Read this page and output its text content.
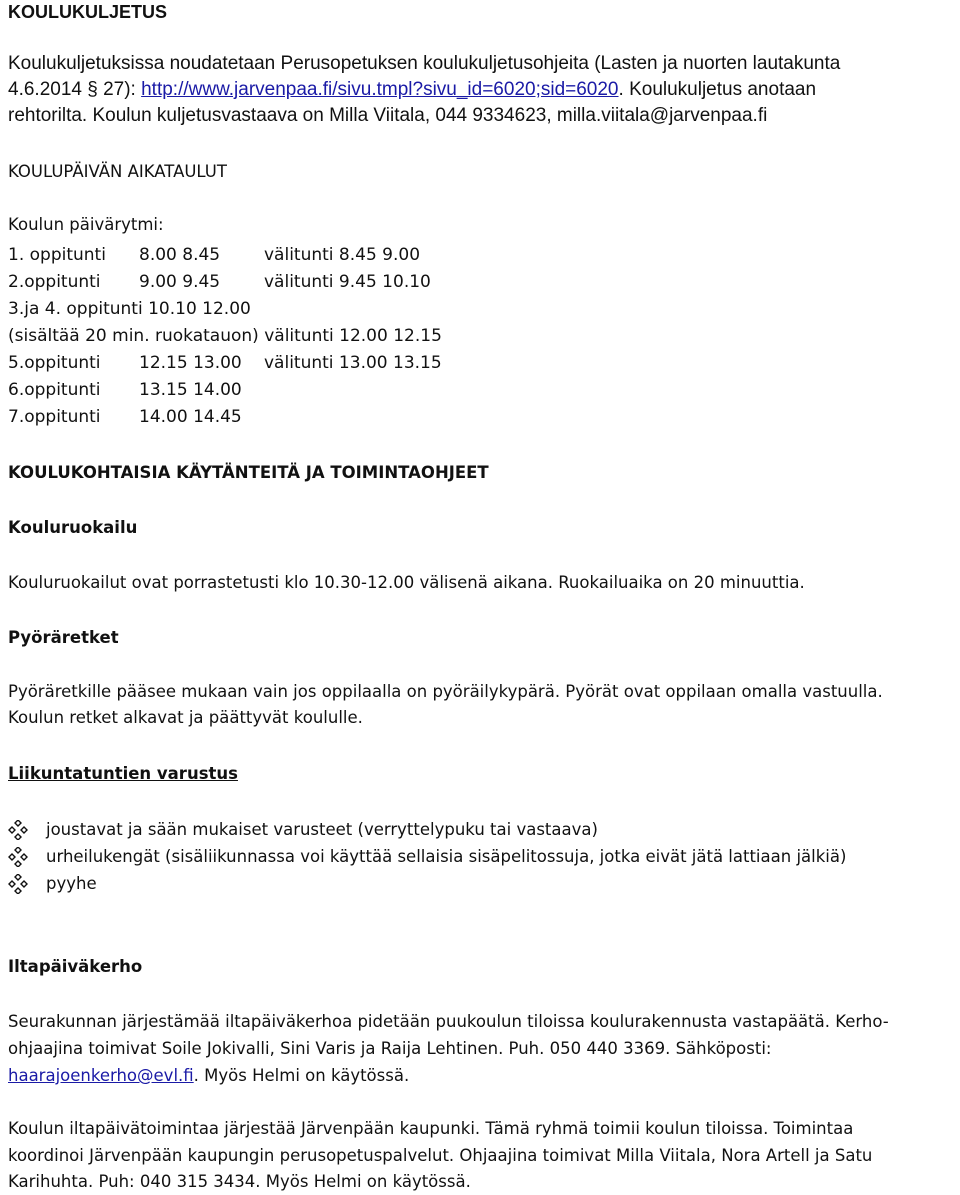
KOULUKULJETUS
Koulukuljetuksissa noudatetaan Perusopetuksen koulukuljetusohjeita (Lasten ja nuorten lautakunta
4.6.2014 § 27): http://www.jarvenpaa.fi/sivu.tmpl?sivu_id=6020;sid=6020. Koulukuljetus anotaan
rehtorilta. Koulun kuljetusvastaava on Milla Viitala, 044 9334623, milla.viitala@jarvenpaa.fi
KOULUPÄIVÄN AIKATAULUT
Koulun päivärytmi:
1. oppitunti 8.00 8.45	välitunti 8.45 9.00
2.oppitunti 9.00 9.45	välitunti 9.45 10.10
3.ja 4. oppitunti 10.10 12.00
(sisältää 20 min. ruokatauon) välitunti 12.00 12.15
5.oppitunti 12.15 13.00 välitunti 13.00 13.15
6.oppitunti 13.15 14.00
7.oppitunti 14.00 14.45
KOULUKOHTAISIA KÄYTÄNTEITÄ JA TOIMINTAOHJEET
Kouluruokailu
Kouluruokailut ovat porrastetusti klo 10.30-12.00 välisenä aikana. Ruokailuaika on 20 minuuttia.
Pyöräretket
Pyöräretkille pääsee mukaan vain jos oppilaalla on pyöräilykypärä. Pyörät ovat oppilaan omalla vastuulla.
Koulun retket alkavat ja päättyvät koululle.
Liikuntatuntien varustus
joustavat ja sään mukaiset varusteet (verryttelypuku tai vastaava)
urheilukengät (sisäliikunnassa voi käyttää sellaisia sisäpelitossuja, jotka eivät jätä lattiaan jälkiä)
pyyhe
Iltapäiväkerho
Seurakunnan järjestämää iltapäiväkerhoa pidetään puukoulun tiloissa koulurakennusta vastapäätä. Kerho-
ohjaajina toimivat Soile Jokivalli, Sini Varis ja Raija Lehtinen. Puh. 050 440 3369. Sähköposti:
haarajoenkerho@evl.fi. Myös Helmi on käytössä.
Koulun iltapäivätoimintaa järjestää Järvenpään kaupunki. Tämä ryhmä toimii koulun tiloissa. Toimintaa
koordinoi Järvenpään kaupungin perusopetuspalvelut. Ohjaajina toimivat Milla Viitala, Nora Artell ja Satu
Karihuhta. Puh: 040 315 3434. Myös Helmi on käytössä.
